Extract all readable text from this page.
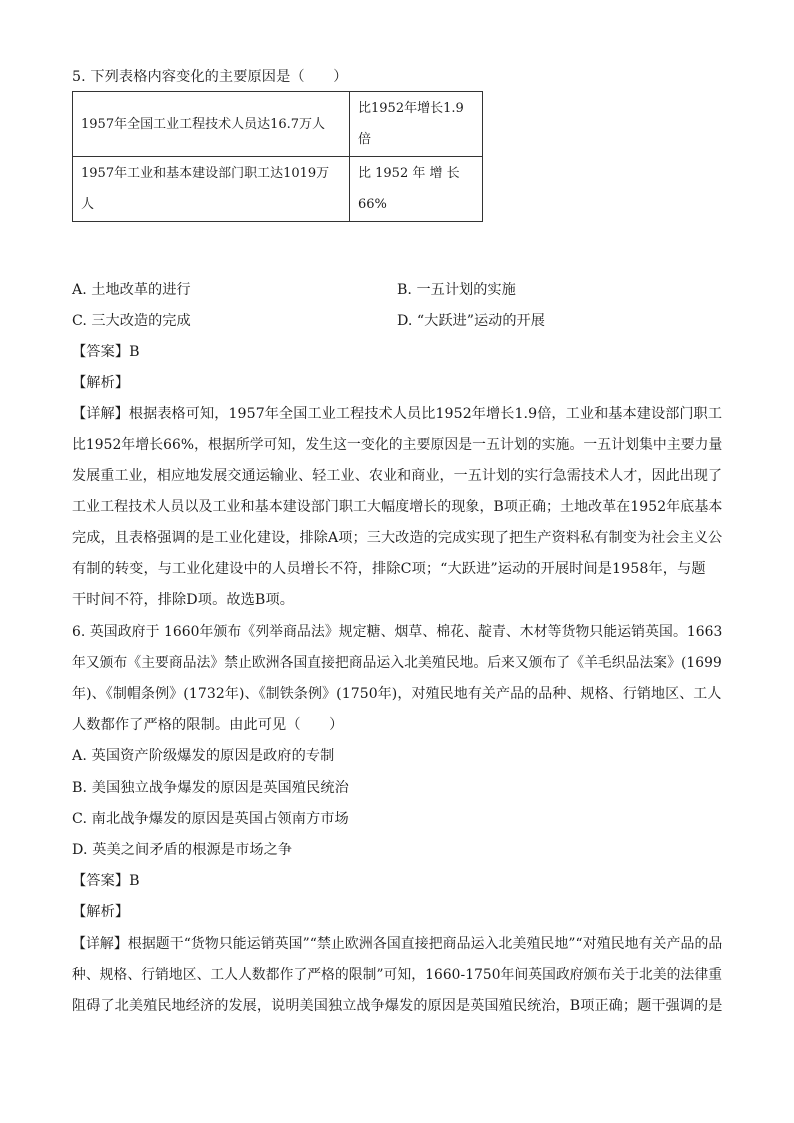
5. 下列表格内容变化的主要原因是（　　）
1957年全国工业工程技术人员达16.7万人	比1952年增长1.9倍
1957年工业和基本建设部门职工达1019万人	比 1952 年 增 长 66%
A. 土地改革的进行	B. 一五计划的实施
C. 三大改造的完成	D. “大跃进”运动的开展
【答案】B
【解析】
【详解】根据表格可知，1957年全国工业工程技术人员比1952年增长1.9倍，工业和基本建设部门职工
比1952年增长66%，根据所学可知，发生这一变化的主要原因是一五计划的实施。一五计划集中主要力量
发展重工业，相应地发展交通运输业、轻工业、农业和商业，一五计划的实行急需技术人才，因此出现了
工业工程技术人员以及工业和基本建设部门职工大幅度增长的现象，B项正确；土地改革在1952年底基本
完成，且表格强调的是工业化建设，排除A项；三大改造的完成实现了把生产资料私有制变为社会主义公
有制的转变，与工业化建设中的人员增长不符，排除C项；“大跃进”运动的开展时间是1958年，与题
干时间不符，排除D项。故选B项。
6. 英国政府于 1660年颁布《列举商品法》规定糖、烟草、棉花、靛青、木材等货物只能运销英国。1663
年又颁布《主要商品法》禁止欧洲各国直接把商品运入北美殖民地。后来又颁布了《羊毛织品法案》(1699
年)、《制帽条例》(1732年)、《制铁条例》(1750年)，对殖民地有关产品的品种、规格、行销地区、工人
人数都作了严格的限制。由此可见（　　）
A. 英国资产阶级爆发的原因是政府的专制
B. 美国独立战争爆发的原因是英国殖民统治
C. 南北战争爆发的原因是英国占领南方市场
D. 英美之间矛盾的根源是市场之争
【答案】B
【解析】
【详解】根据题干“货物只能运销英国”“禁止欧洲各国直接把商品运入北美殖民地”“对殖民地有关产品的品
种、规格、行销地区、工人人数都作了严格的限制”可知，1660-1750年间英国政府颁布关于北美的法律重
阻碍了北美殖民地经济的发展，说明美国独立战争爆发的原因是英国殖民统治，B项正确；题干强调的是
